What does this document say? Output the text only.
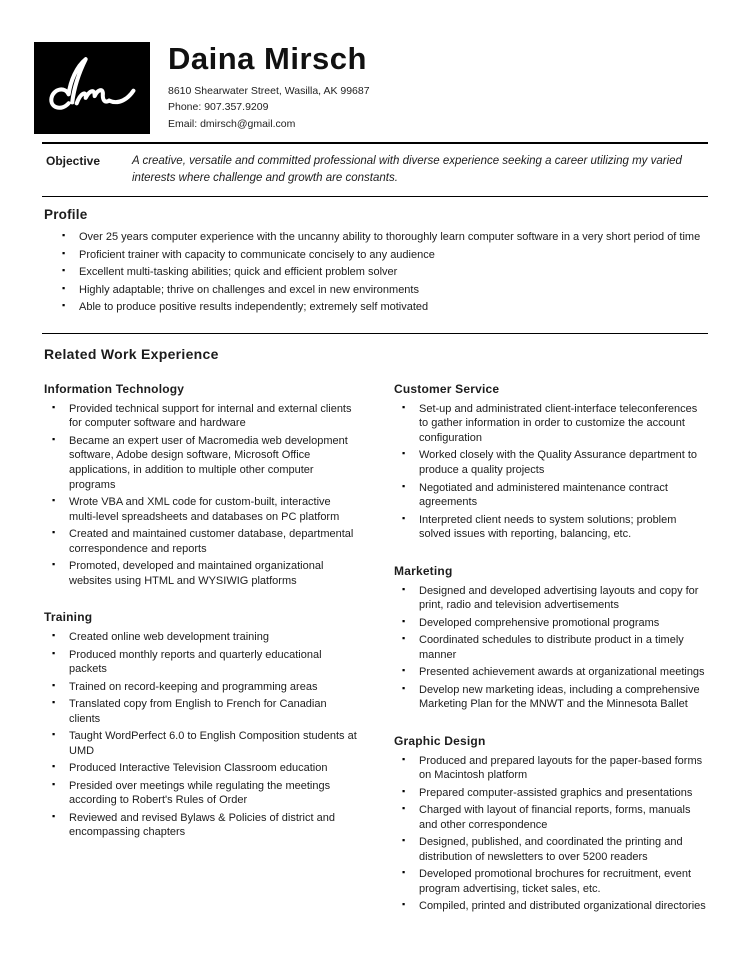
Daina Mirsch
8610 Shearwater Street, Wasilla, AK 99687
Phone: 907.357.9209
Email: dmirsch@gmail.com
Objective	A creative, versatile and committed professional with diverse experience seeking a career utilizing my varied interests where challenge and growth are constants.
Profile
▪ Over 25 years computer experience with the uncanny ability to thoroughly learn computer software in a very short period of time
▪ Proficient trainer with capacity to communicate concisely to any audience
▪ Excellent multi-tasking abilities; quick and efficient problem solver
▪ Highly adaptable; thrive on challenges and excel in new environments
▪ Able to produce positive results independently; extremely self motivated
Related Work Experience
Information Technology
▪ Provided technical support for internal and external clients for computer software and hardware
▪ Became an expert user of Macromedia web development software, Adobe design software, Microsoft Office applications, in addition to multiple other computer programs
▪ Wrote VBA and XML code for custom-built, interactive multi-level spreadsheets and databases on PC platform
▪ Created and maintained customer database, departmental correspondence and reports
▪ Promoted, developed and maintained organizational websites using HTML and WYSIWIG platforms
Training
▪ Created online web development training
▪ Produced monthly reports and quarterly educational packets
▪ Trained on record-keeping and programming areas
▪ Translated copy from English to French for Canadian clients
▪ Taught WordPerfect 6.0 to English Composition students at UMD
▪ Produced Interactive Television Classroom education
▪ Presided over meetings while regulating the meetings according to Robert's Rules of Order
▪ Reviewed and revised Bylaws & Policies of district and encompassing chapters
Customer Service
▪ Set-up and administrated client-interface teleconferences to gather information in order to customize the account configuration
▪ Worked closely with the Quality Assurance department to produce a quality projects
▪ Negotiated and administered maintenance contract agreements
▪ Interpreted client needs to system solutions; problem solved issues with reporting, balancing, etc.
Marketing
▪ Designed and developed advertising layouts and copy for print, radio and television advertisements
▪ Developed comprehensive promotional programs
▪ Coordinated schedules to distribute product in a timely manner
▪ Presented achievement awards at organizational meetings
▪ Develop new marketing ideas, including a comprehensive Marketing Plan for the MNWT and the Minnesota Ballet
Graphic Design
▪ Produced and prepared layouts for the paper-based forms on Macintosh platform
▪ Prepared computer-assisted graphics and presentations
▪ Charged with layout of financial reports, forms, manuals and other correspondence
▪ Designed, published, and coordinated the printing and distribution of newsletters to over 5200 readers
▪ Developed promotional brochures for recruitment, event program advertising, ticket sales, etc.
▪ Compiled, printed and distributed organizational directories
